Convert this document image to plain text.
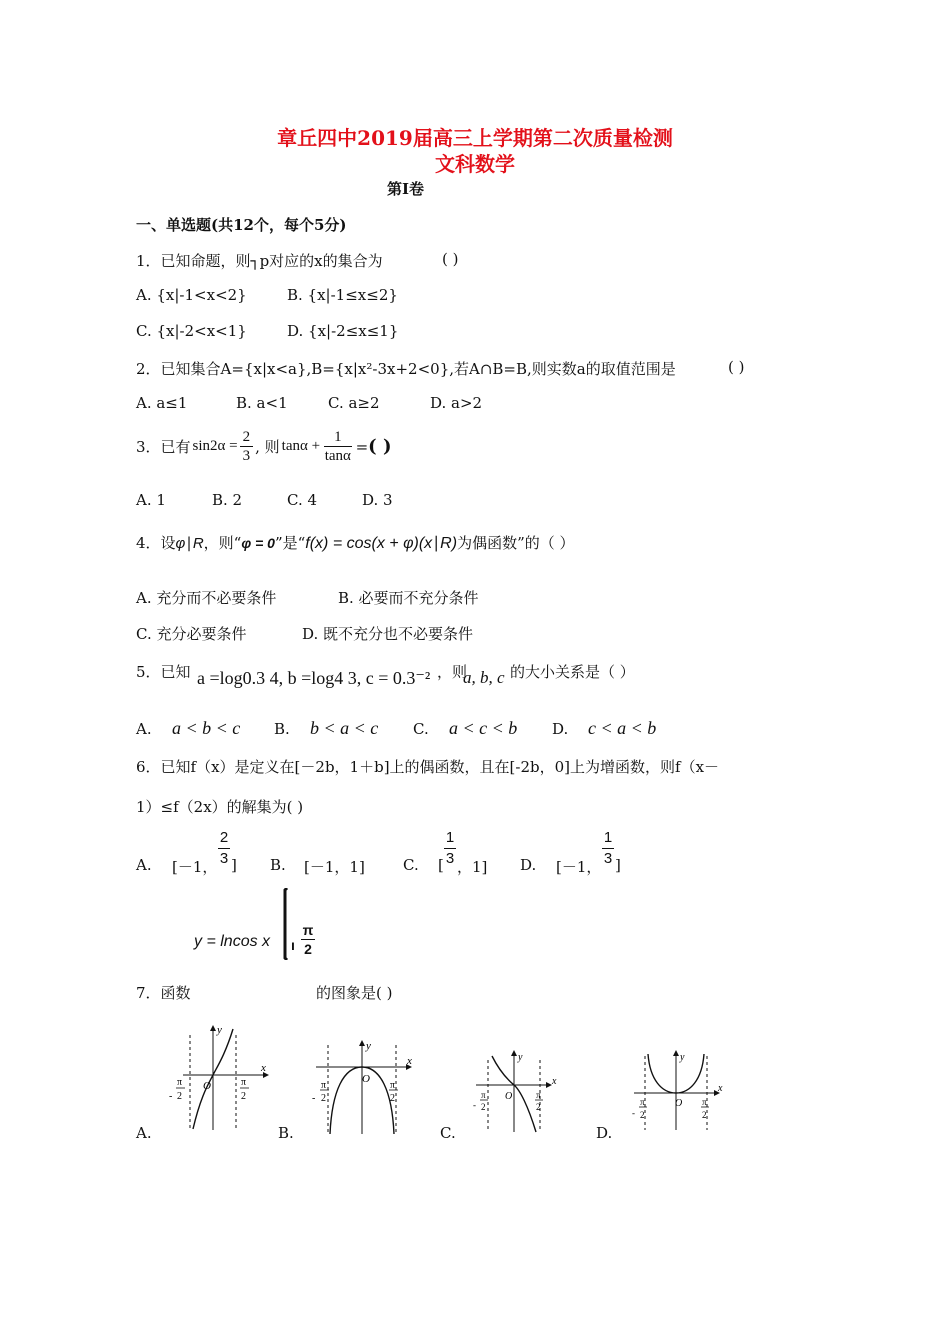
章丘四中2019届高三上学期第二次质量检测
文科数学
第Ⅰ卷
一、单选题(共12个，每个5分)
1．已知命题，则┐p对应的x的集合为	( )
A. {x|-1<x<2}	B. {x|-1≤x≤2}
C. {x|-2<x<1}	D. {x|-2≤x≤1}
2．已知集合A={x|x<a},B={x|x²-3x+2<0},若A∩B=B,则实数a的取值范围是	( )
A. a≤1	B. a<1	C. a≥2	D. a>2
3．已有 $\sin 2\alpha = \frac{2}{3}$ , 则 $\tan\alpha + \frac{1}{\tan\alpha}$ = ( )
A. 1	B. 2	C. 4	D. 3
4．设φ∣R，则“φ = 0”是“f(x) = cos(x + φ)(x∣R)为偶函数”的（ ）
A. 充分而不必要条件	B. 必要而不充分条件
C. 充分必要条件	D. 既不充分也不必要条件
5．已知 a =log0.3 4, b =log4 3, c = 0.3⁻² ，则
a, b, c 的大小关系是（ ）
A. a < b < c B. b < a < c C. a < c < b D. c < a < b
6．已知f（x）是定义在[－2b，1＋b]上的偶函数，且在[-2b，0]上为增函数，则f（x－
1）≤f（2x）的解集为( )
A. [－1， $\frac{2}{3}$ ] B. [－1，1]	C. [ $\frac{1}{3}$ ，1] D. [－1， $\frac{1}{3}$ ]
y = lncos x ı
π
2
7．函数	的图象是( )
A.	B.	C.	D.
y
x
O
π
- 2
π
2
y
x
O
π
- 2
π
2
y
x
O
π
- 2
π
2
y
x
O
π
- 2
π
2
